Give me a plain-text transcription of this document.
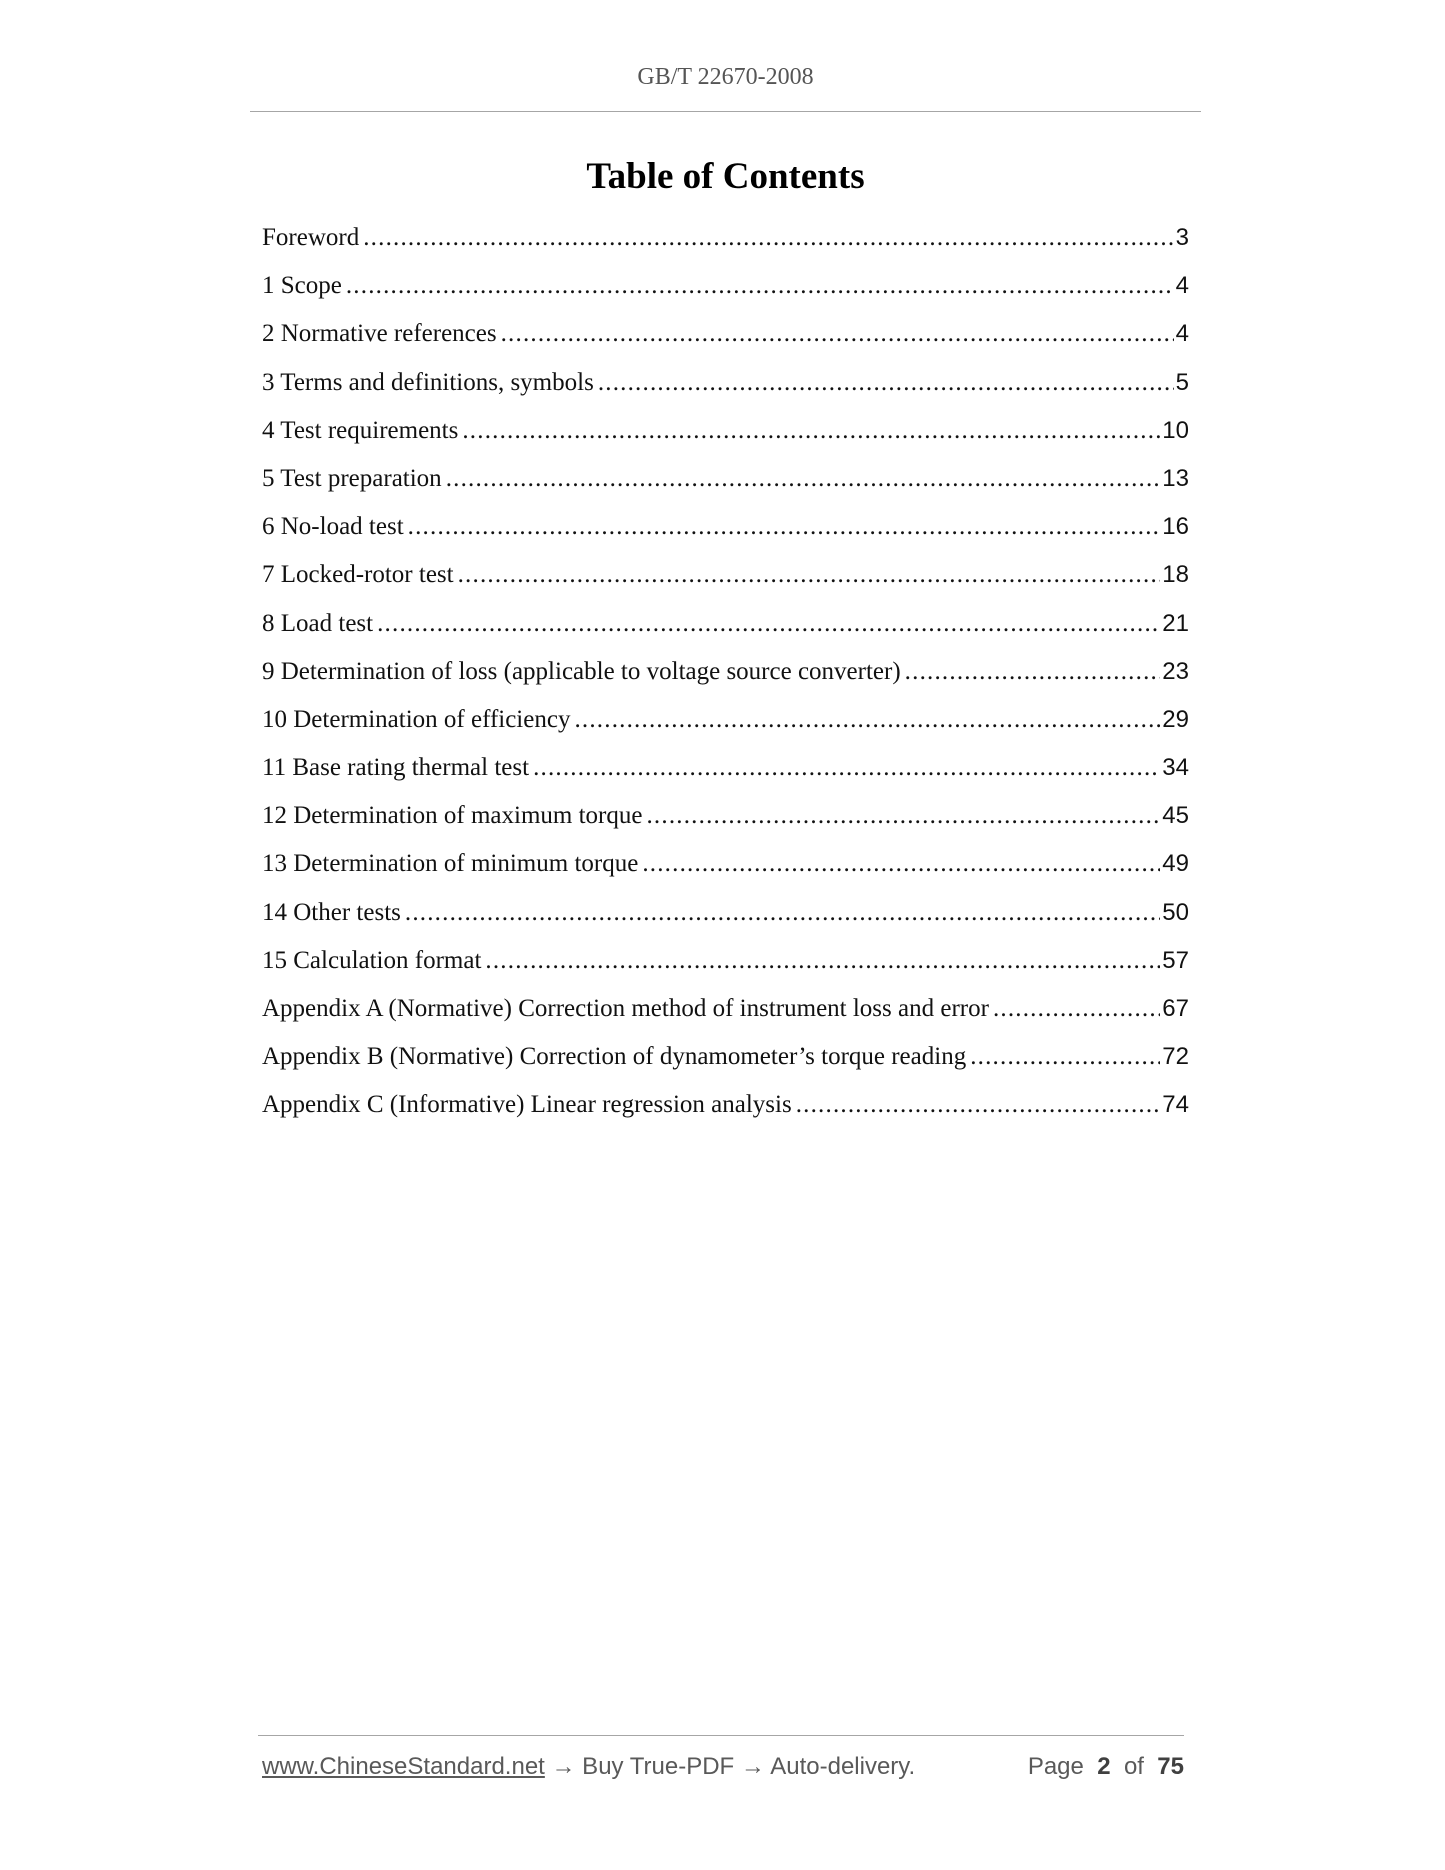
GB/T 22670-2008
Table of Contents
Foreword .....	3
1 Scope .....	4
2 Normative references .....	4
3 Terms and definitions, symbols .....	5
4 Test requirements .....	10
5 Test preparation .....	13
6 No-load test .....	16
7 Locked-rotor test .....	18
8 Load test .....	21
9 Determination of loss (applicable to voltage source converter) .....	23
10 Determination of efficiency .....	29
11 Base rating thermal test .....	34
12 Determination of maximum torque .....	45
13 Determination of minimum torque .....	49
14 Other tests .....	50
15 Calculation format .....	57
Appendix A (Normative) Correction method of instrument loss and error .....	67
Appendix B (Normative) Correction of dynamometer’s torque reading .....	72
Appendix C (Informative) Linear regression analysis .....	74
www.ChineseStandard.net → Buy True-PDF → Auto-delivery.	Page 2 of 75
